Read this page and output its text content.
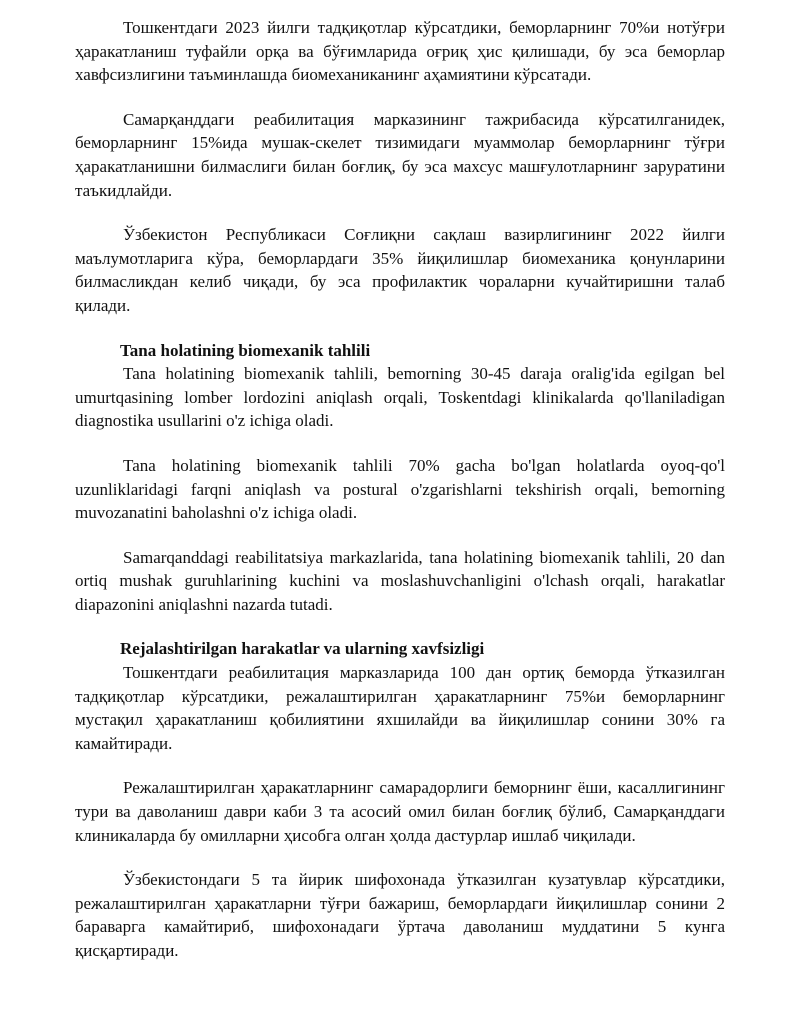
Тошкентдаги 2023 йилги тадқиқотлар кўрсатдики, беморларнинг 70%и нотўғри ҳаракатланиш туфайли орқа ва бўғимларида оғриқ ҳис қилишади, бу эса беморлар хавфсизлигини таъминлашда биомеханиканинг аҳамиятини кўрсатади.

Самарқанддаги реабилитация марказининг тажрибасида кўрсатилганидек, беморларнинг 15%ида мушак-скелет тизимидаги муаммолар беморларнинг тўғри ҳаракатланишни билмаслиги билан боғлиқ, бу эса махсус машғулотларнинг заруратини таъкидлайди.

Ўзбекистон Республикаси Соғлиқни сақлаш вазирлигининг 2022 йилги маълумотларига кўра, беморлардаги 35% йиқилишлар биомеханика қонунларини билмасликдан келиб чиқади, бу эса профилактик чораларни кучайтиришни талаб қилади.

Tana holatining biomexanik tahlili

Tana holatining biomexanik tahlili, bemorning 30-45 daraja oralig'ida egilgan bel umurtqasining lomber lordozini aniqlash orqali, Toskentdagi klinikalarda qo'llaniladigan diagnostika usullarini o'z ichiga oladi.

Tana holatining biomexanik tahlili 70% gacha bo'lgan holatlarda oyoq-qo'l uzunliklaridagi farqni aniqlash va postural o'zgarishlarni tekshirish orqali, bemorning muvozanatini baholashni o'z ichiga oladi.

Samarqanddagi reabilitatsiya markazlarida, tana holatining biomexanik tahlili, 20 dan ortiq mushak guruhlarining kuchini va moslashuvchanligini o'lchash orqali, harakatlar diapazonini aniqlashni nazarda tutadi.

Rejalashtirilgan harakatlar va ularning xavfsizligi

Тошкентдаги реабилитация марказларида 100 дан ортиқ беморда ўтказилган тадқиқотлар кўрсатдики, режалаштирилган ҳаракатларнинг 75%и беморларнинг мустақил ҳаракатланиш қобилиятини яхшилайди ва йиқилишлар сонини 30% га камайтиради.

Режалаштирилган ҳаракатларнинг самарадорлиги беморнинг ёши, касаллигининг тури ва даволаниш даври каби 3 та асосий омил билан боғлиқ бўлиб, Самарқанддаги клиникаларда бу омилларни ҳисобга олган ҳолда дастурлар ишлаб чиқилади.

Ўзбекистондаги 5 та йирик шифохонада ўтказилган кузатувлар кўрсатдики, режалаштирилган ҳаракатларни тўғри бажариш, беморлардаги йиқилишлар сонини 2 бараварга камайтириб, шифохонадаги ўртача даволаниш муддатини 5 кунга қисқартиради.
